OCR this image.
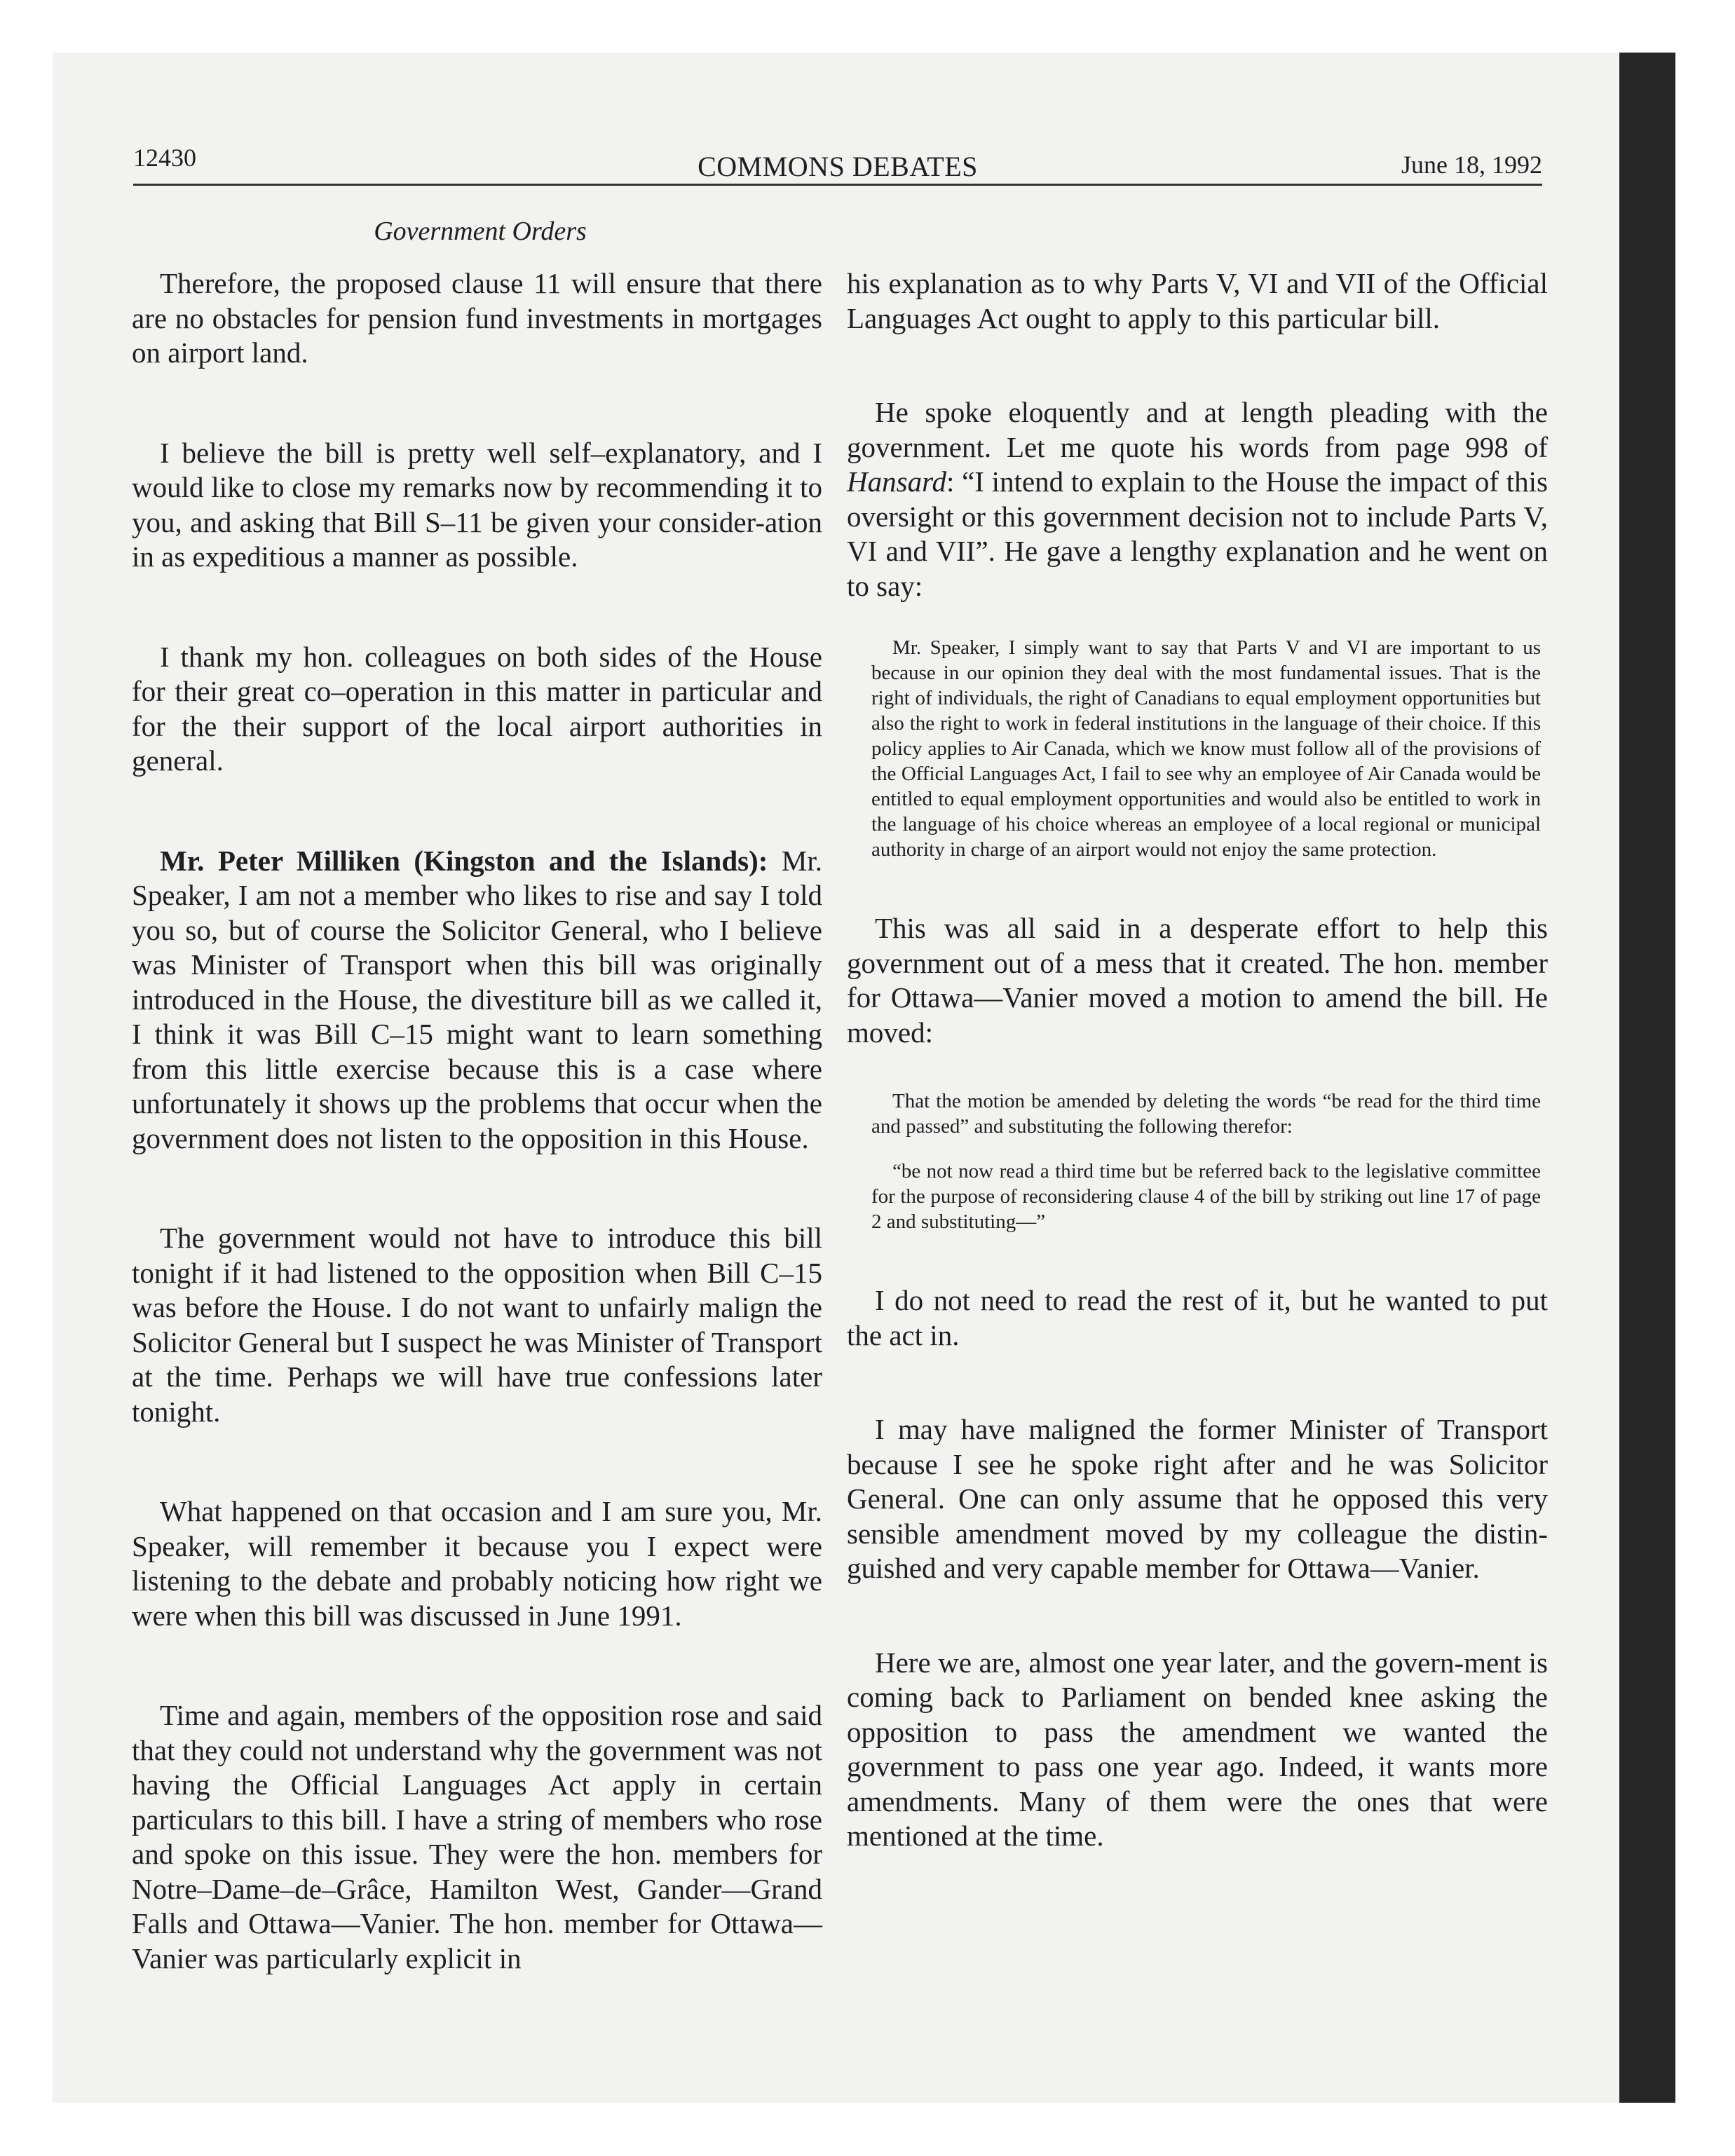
12430	COMMONS DEBATES	June 18, 1992
Government Orders

Therefore, the proposed clause 11 will ensure that there are no obstacles for pension fund investments in mortgages on airport land.

I believe the bill is pretty well self–explanatory, and I would like to close my remarks now by recommending it to you, and asking that Bill S–11 be given your consider-ation in as expeditious a manner as possible.

I thank my hon. colleagues on both sides of the House for their great co–operation in this matter in particular and for the their support of the local airport authorities in general.

Mr. Peter Milliken (Kingston and the Islands): Mr. Speaker, I am not a member who likes to rise and say I told you so, but of course the Solicitor General, who I believe was Minister of Transport when this bill was originally introduced in the House, the divestiture bill as we called it, I think it was Bill C–15 might want to learn something from this little exercise because this is a case where unfortunately it shows up the problems that occur when the government does not listen to the opposition in this House.

The government would not have to introduce this bill tonight if it had listened to the opposition when Bill C–15 was before the House. I do not want to unfairly malign the Solicitor General but I suspect he was Minister of Transport at the time. Perhaps we will have true confessions later tonight.

What happened on that occasion and I am sure you, Mr. Speaker, will remember it because you I expect were listening to the debate and probably noticing how right we were when this bill was discussed in June 1991.

Time and again, members of the opposition rose and said that they could not understand why the government was not having the Official Languages Act apply in certain particulars to this bill. I have a string of members who rose and spoke on this issue. They were the hon. members for Notre–Dame–de–Grâce, Hamilton West, Gander—Grand Falls and Ottawa—Vanier. The hon. member for Ottawa—Vanier was particularly explicit in

his explanation as to why Parts V, VI and VII of the Official Languages Act ought to apply to this particular bill.

He spoke eloquently and at length pleading with the government. Let me quote his words from page 998 of Hansard: “I intend to explain to the House the impact of this oversight or this government decision not to include Parts V, VI and VII”. He gave a lengthy explanation and he went on to say:

Mr. Speaker, I simply want to say that Parts V and VI are important to us because in our opinion they deal with the most fundamental issues. That is the right of individuals, the right of Canadians to equal employment opportunities but also the right to work in federal institutions in the language of their choice. If this policy applies to Air Canada, which we know must follow all of the provisions of the Official Languages Act, I fail to see why an employee of Air Canada would be entitled to equal employment opportunities and would also be entitled to work in the language of his choice whereas an employee of a local regional or municipal authority in charge of an airport would not enjoy the same protection.

This was all said in a desperate effort to help this government out of a mess that it created. The hon. member for Ottawa—Vanier moved a motion to amend the bill. He moved:

That the motion be amended by deleting the words “be read for the third time and passed” and substituting the following therefor:

“be not now read a third time but be referred back to the legislative committee for the purpose of reconsidering clause 4 of the bill by striking out line 17 of page 2 and substituting—”

I do not need to read the rest of it, but he wanted to put the act in.

I may have maligned the former Minister of Transport because I see he spoke right after and he was Solicitor General. One can only assume that he opposed this very sensible amendment moved by my colleague the distin-guished and very capable member for Ottawa—Vanier.

Here we are, almost one year later, and the govern-ment is coming back to Parliament on bended knee asking the opposition to pass the amendment we wanted the government to pass one year ago. Indeed, it wants more amendments. Many of them were the ones that were mentioned at the time.
